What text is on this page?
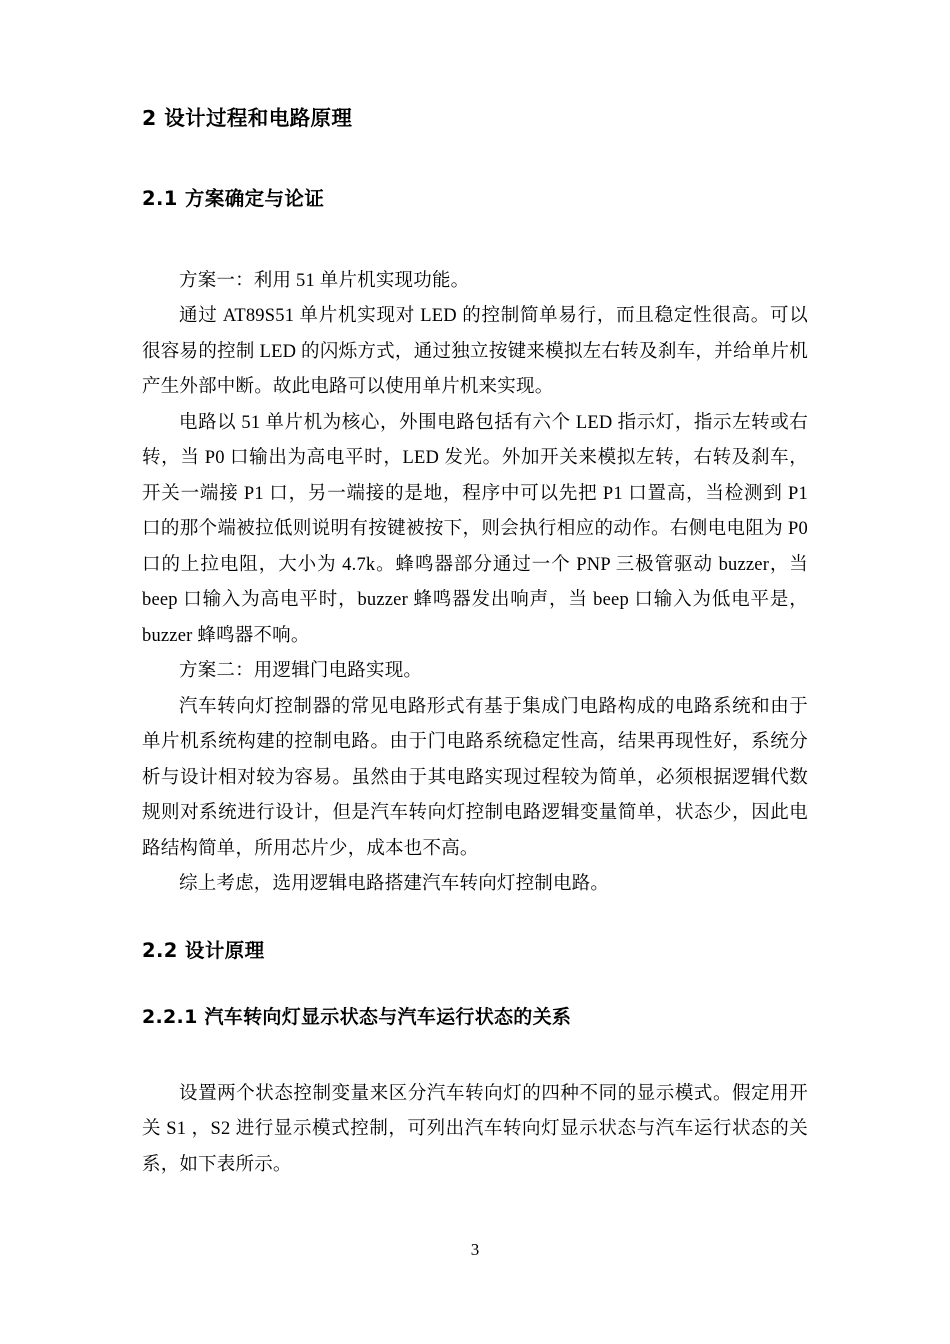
2 设计过程和电路原理
2.1 方案确定与论证

方案一：利用 51 单片机实现功能。

通过 AT89S51 单片机实现对 LED 的控制简单易行，而且稳定性很高。可以很容易的控制 LED 的闪烁方式，通过独立按键来模拟左右转及刹车，并给单片机产生外部中断。故此电路可以使用单片机来实现。

电路以 51 单片机为核心，外围电路包括有六个 LED 指示灯，指示左转或右转，当 P0 口输出为高电平时，LED 发光。外加开关来模拟左转，右转及刹车，开关一端接 P1 口，另一端接的是地，程序中可以先把 P1 口置高，当检测到 P1 口的那个端被拉低则说明有按键被按下，则会执行相应的动作。右侧电电阻为 P0 口的上拉电阻，大小为 4.7k。蜂鸣器部分通过一个 PNP 三极管驱动 buzzer，当 beep 口输入为高电平时，buzzer 蜂鸣器发出响声，当 beep 口输入为低电平是，buzzer 蜂鸣器不响。

方案二：用逻辑门电路实现。

汽车转向灯控制器的常见电路形式有基于集成门电路构成的电路系统和由于单片机系统构建的控制电路。由于门电路系统稳定性高，结果再现性好，系统分析与设计相对较为容易。虽然由于其电路实现过程较为简单，必须根据逻辑代数规则对系统进行设计，但是汽车转向灯控制电路逻辑变量简单，状态少，因此电路结构简单，所用芯片少，成本也不高。

综上考虑，选用逻辑电路搭建汽车转向灯控制电路。

2.2 设计原理
2.2.1 汽车转向灯显示状态与汽车运行状态的关系

设置两个状态控制变量来区分汽车转向灯的四种不同的显示模式。假定用开关 S1 ，S2 进行显示模式控制，可列出汽车转向灯显示状态与汽车运行状态的关系，如下表所示。

3
